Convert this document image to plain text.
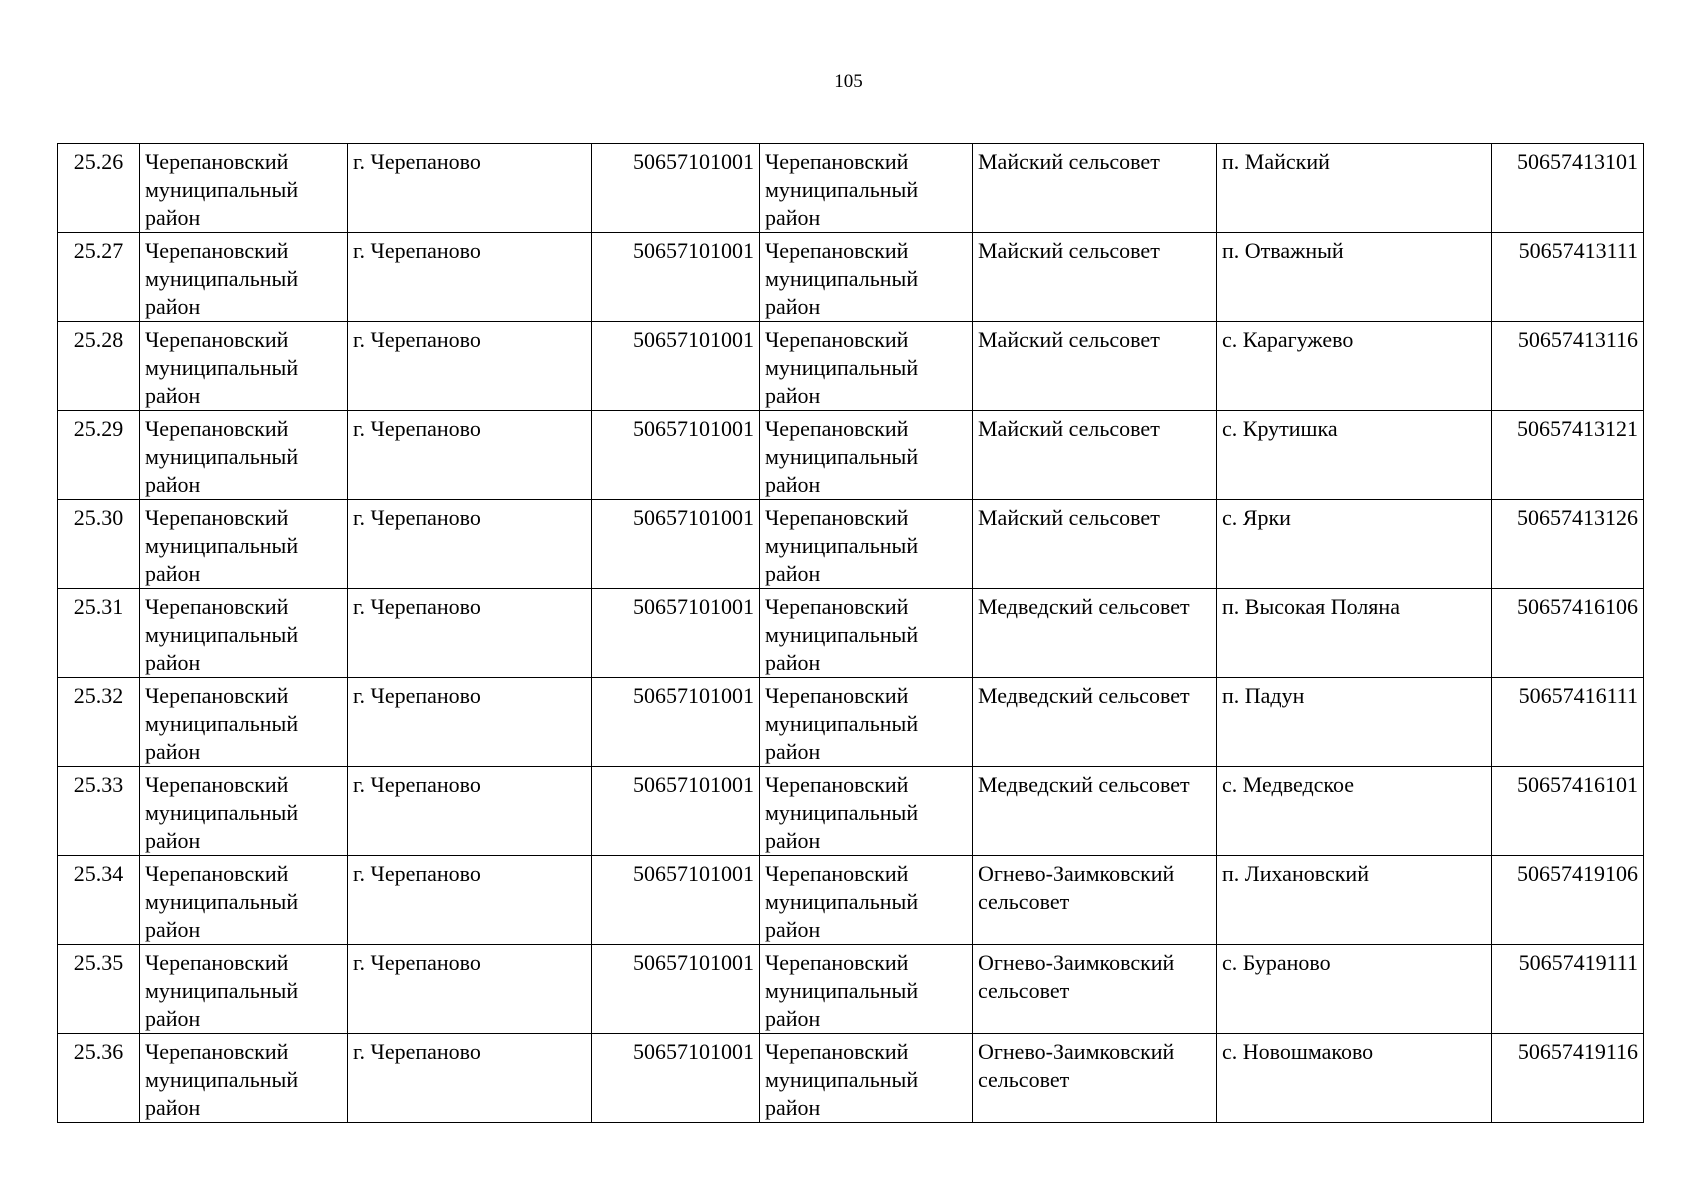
105
25.26	Черепановский муниципальный район	г. Черепаново	50657101001	Черепановский муниципальный район	Майский сельсовет	п. Майский	50657413101
25.27	Черепановский муниципальный район	г. Черепаново	50657101001	Черепановский муниципальный район	Майский сельсовет	п. Отважный	50657413111
25.28	Черепановский муниципальный район	г. Черепаново	50657101001	Черепановский муниципальный район	Майский сельсовет	с. Карагужево	50657413116
25.29	Черепановский муниципальный район	г. Черепаново	50657101001	Черепановский муниципальный район	Майский сельсовет	с. Крутишка	50657413121
25.30	Черепановский муниципальный район	г. Черепаново	50657101001	Черепановский муниципальный район	Майский сельсовет	с. Ярки	50657413126
25.31	Черепановский муниципальный район	г. Черепаново	50657101001	Черепановский муниципальный район	Медведский сельсовет	п. Высокая Поляна	50657416106
25.32	Черепановский муниципальный район	г. Черепаново	50657101001	Черепановский муниципальный район	Медведский сельсовет	п. Падун	50657416111
25.33	Черепановский муниципальный район	г. Черепаново	50657101001	Черепановский муниципальный район	Медведский сельсовет	с. Медведское	50657416101
25.34	Черепановский муниципальный район	г. Черепаново	50657101001	Черепановский муниципальный район	Огнево-Заимковский сельсовет	п. Лихановский	50657419106
25.35	Черепановский муниципальный район	г. Черепаново	50657101001	Черепановский муниципальный район	Огнево-Заимковский сельсовет	с. Бураново	50657419111
25.36	Черепановский муниципальный район	г. Черепаново	50657101001	Черепановский муниципальный район	Огнево-Заимковский сельсовет	с. Новошмаково	50657419116
